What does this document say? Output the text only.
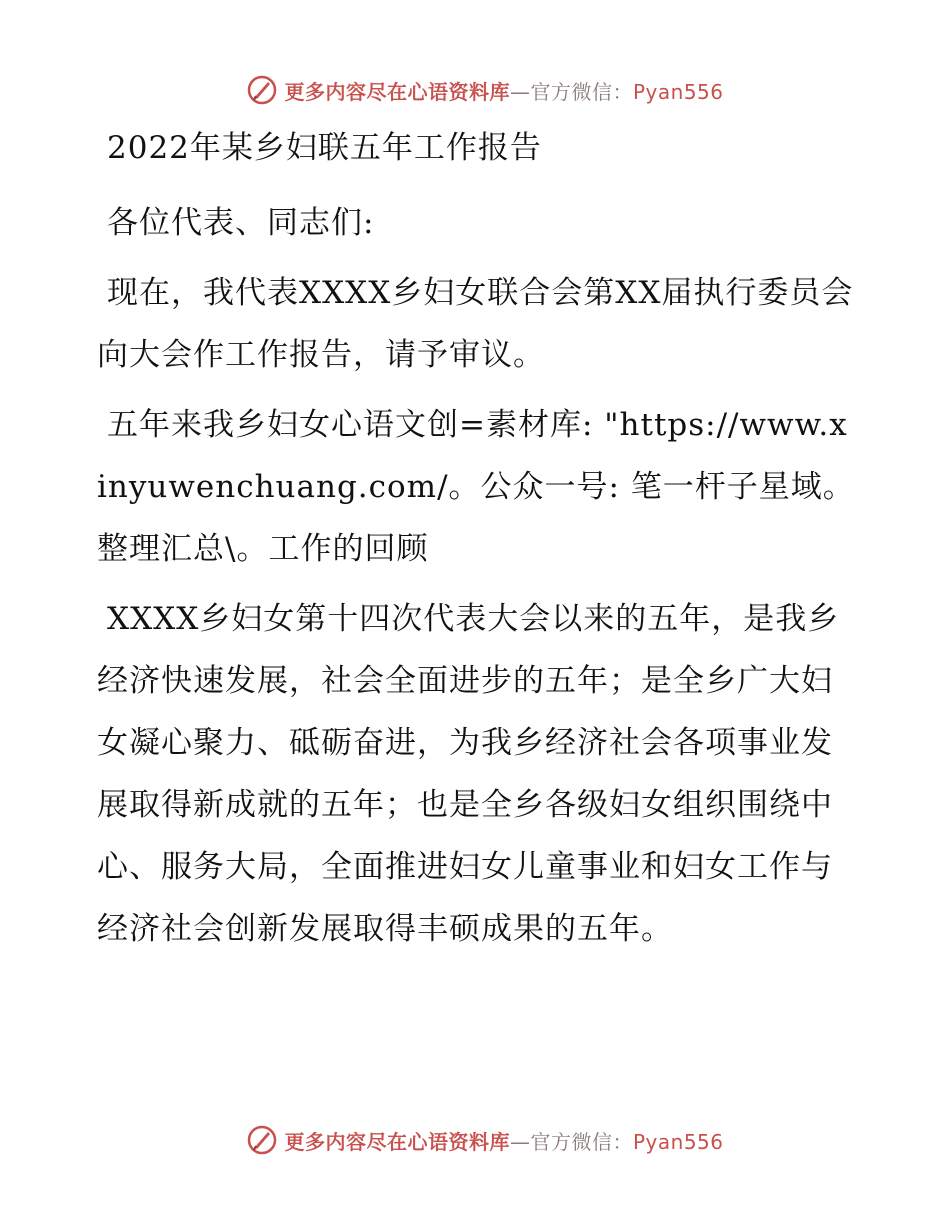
更多内容尽在心语资料库—官方微信：Pyan556
2022年某乡妇联五年工作报告

各位代表、同志们:

现在，我代表XXXX乡妇女联合会第XX届执行委员会向大会作工作报告，请予审议。

五年来我乡妇女心语文创=素材库: "https://www.xinyuwenchuang.com/。公众一号: 笔一杆子星域。整理汇总\。工作的回顾

XXXX乡妇女第十四次代表大会以来的五年，是我乡经济快速发展，社会全面进步的五年；是全乡广大妇女凝心聚力、砥砺奋进，为我乡经济社会各项事业发展取得新成就的五年；也是全乡各级妇女组织围绕中心、服务大局，全面推进妇女儿童事业和妇女工作与经济社会创新发展取得丰硕成果的五年。

更多内容尽在心语资料库—官方微信：Pyan556
